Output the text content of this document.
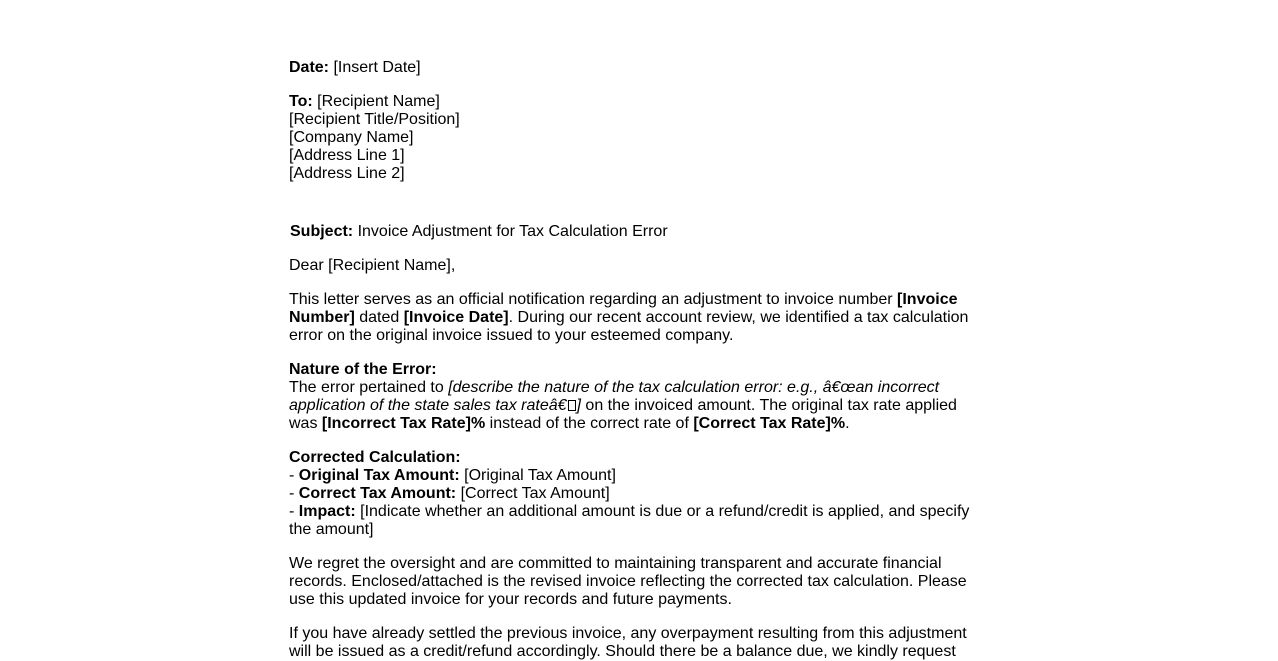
Date: [Insert Date]

To: [Recipient Name]
[Recipient Title/Position]
[Company Name]
[Address Line 1]
[Address Line 2]

Subject: Invoice Adjustment for Tax Calculation Error

Dear [Recipient Name],

This letter serves as an official notification regarding an adjustment to invoice number [Invoice Number] dated [Invoice Date]. During our recent account review, we identified a tax calculation error on the original invoice issued to your esteemed company.

Nature of the Error:
The error pertained to [describe the nature of the tax calculation error: e.g., â€œan incorrect application of the state sales tax rateâ€ ] on the invoiced amount. The original tax rate applied was [Incorrect Tax Rate]% instead of the correct rate of [Correct Tax Rate]%.

Corrected Calculation:
- Original Tax Amount: [Original Tax Amount]
- Correct Tax Amount: [Correct Tax Amount]
- Impact: [Indicate whether an additional amount is due or a refund/credit is applied, and specify the amount]

We regret the oversight and are committed to maintaining transparent and accurate financial records. Enclosed/attached is the revised invoice reflecting the corrected tax calculation. Please use this updated invoice for your records and future payments.

If you have already settled the previous invoice, any overpayment resulting from this adjustment will be issued as a credit/refund accordingly. Should there be a balance due, we kindly request
